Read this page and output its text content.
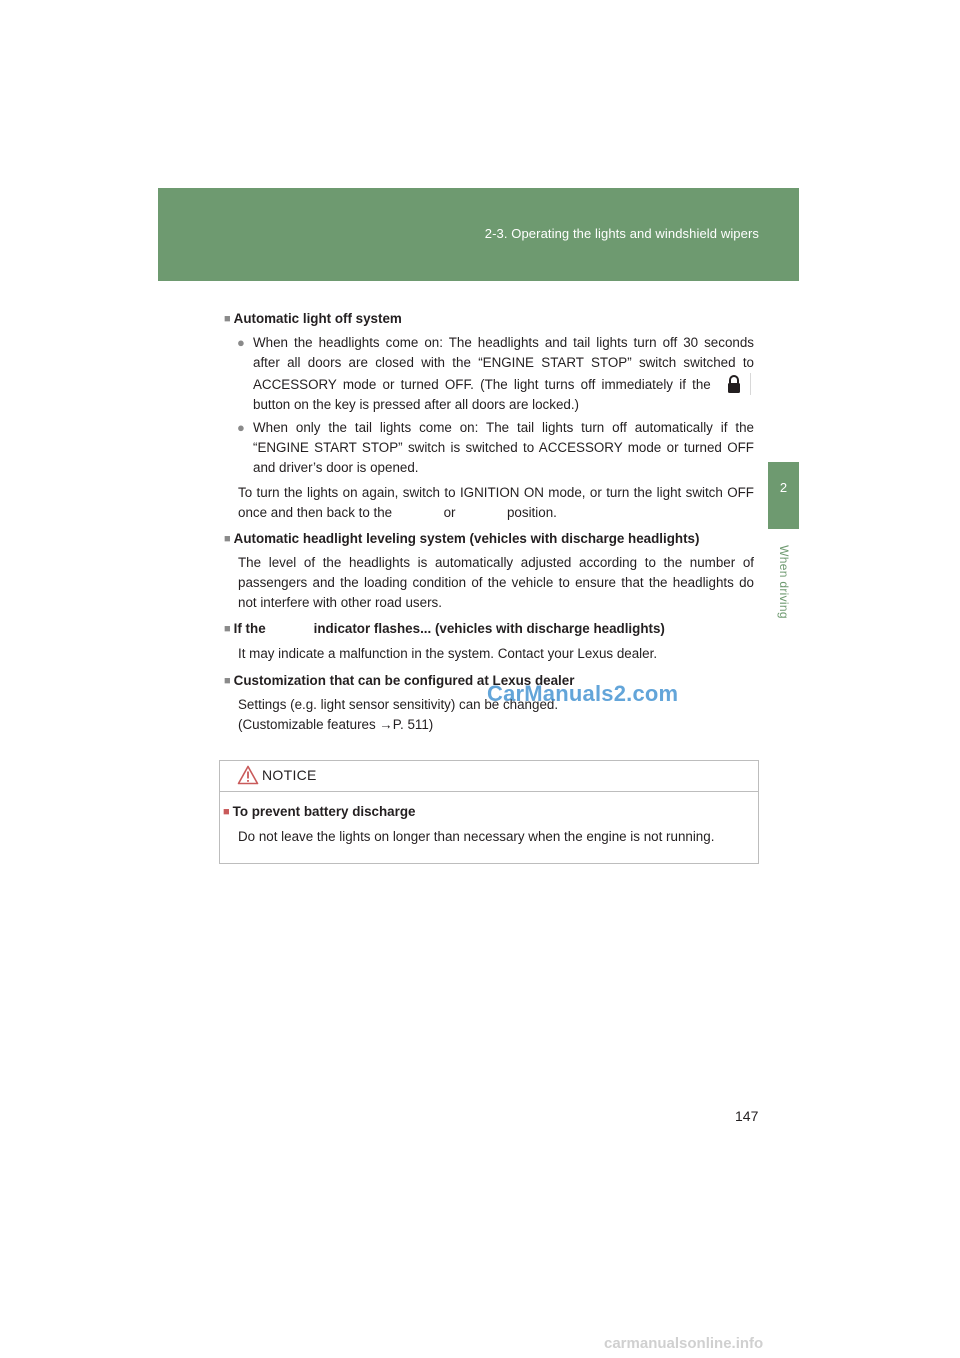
2-3. Operating the lights and windshield wipers
2
When driving
■ Automatic light off system
● When the headlights come on: The headlights and tail lights turn off 30 seconds after all doors are closed with the “ENGINE START STOP” switch switched to ACCESSORY mode or turned OFF. (The light turns off immediately if the
button on the key is pressed after all doors are locked.)
● When only the tail lights come on: The tail lights turn off automatically if the “ENGINE START STOP” switch is switched to ACCESSORY mode or turned OFF and driver’s door is opened.
To turn the lights on again, switch to IGNITION ON mode, or turn the light switch OFF once and then back to the	or	position.
■ Automatic headlight leveling system (vehicles with discharge headlights)
The level of the headlights is automatically adjusted according to the number of passengers and the loading condition of the vehicle to ensure that the headlights do not interfere with other road users.
■ If the	indicator flashes... (vehicles with discharge headlights)
It may indicate a malfunction in the system. Contact your Lexus dealer.
■ Customization that can be configured at Lexus dealer
Settings (e.g. light sensor sensitivity) can be changed.
(Customizable features →P. 511)
CarManuals2.com
NOTICE
■ To prevent battery discharge
Do not leave the lights on longer than necessary when the engine is not running.
147
carmanualsonline.info
